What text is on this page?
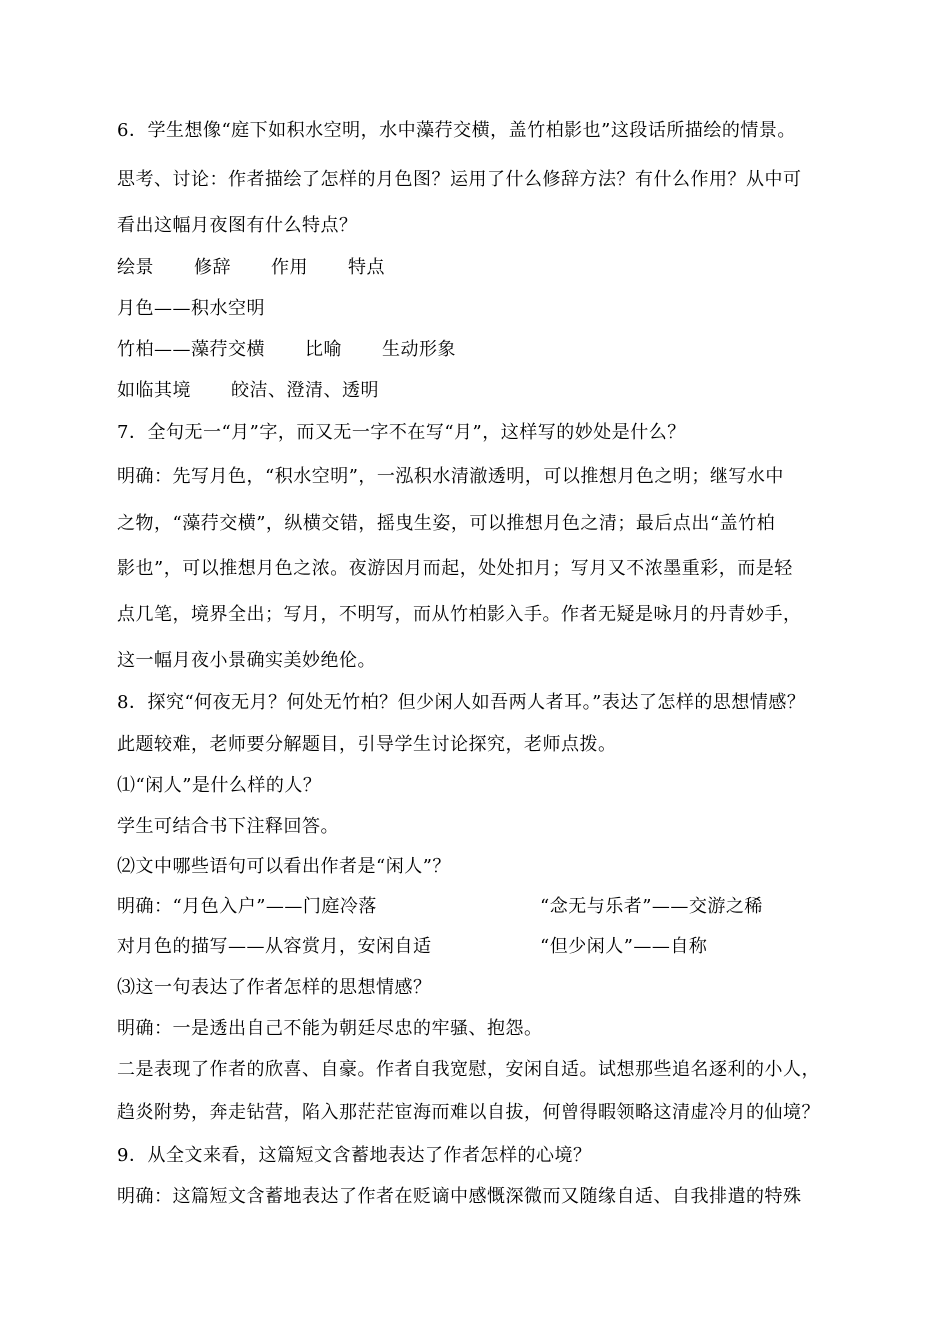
6．学生想像“庭下如积水空明，水中藻荇交横，盖竹柏影也”这段话所描绘的情景。
思考、讨论：作者描绘了怎样的月色图？运用了什么修辞方法？有什么作用？从中可
看出这幅月夜图有什么特点？
绘景 修辞 作用 特点
月色——积水空明
竹柏——藻荇交横 比喻 生动形象
如临其境 皎洁、澄清、透明
7．全句无一“月”字，而又无一字不在写“月”，这样写的妙处是什么？
明确：先写月色，“积水空明”，一泓积水清澈透明，可以推想月色之明；继写水中
之物，“藻荇交横”，纵横交错，摇曳生姿，可以推想月色之清；最后点出“盖竹柏
影也”，可以推想月色之浓。夜游因月而起，处处扣月；写月又不浓墨重彩，而是轻
点几笔，境界全出；写月，不明写，而从竹柏影入手。作者无疑是咏月的丹青妙手，
这一幅月夜小景确实美妙绝伦。
8．探究“何夜无月？何处无竹柏？但少闲人如吾两人者耳。”表达了怎样的思想情感？
此题较难，老师要分解题目，引导学生讨论探究，老师点拨。
⑴“闲人”是什么样的人？
学生可结合书下注释回答。
⑵文中哪些语句可以看出作者是“闲人”？
明确：“月色入户”——门庭冷落	“念无与乐者”——交游之稀
对月色的描写——从容赏月，安闲自适	“但少闲人”——自称
⑶这一句表达了作者怎样的思想情感？
明确：一是透出自己不能为朝廷尽忠的牢骚、抱怨。
二是表现了作者的欣喜、自豪。作者自我宽慰，安闲自适。试想那些追名逐利的小人，
趋炎附势，奔走钻营，陷入那茫茫宦海而难以自拔，何曾得暇领略这清虚冷月的仙境？
9．从全文来看，这篇短文含蓄地表达了作者怎样的心境？
明确：这篇短文含蓄地表达了作者在贬谪中感慨深微而又随缘自适、自我排遣的特殊
